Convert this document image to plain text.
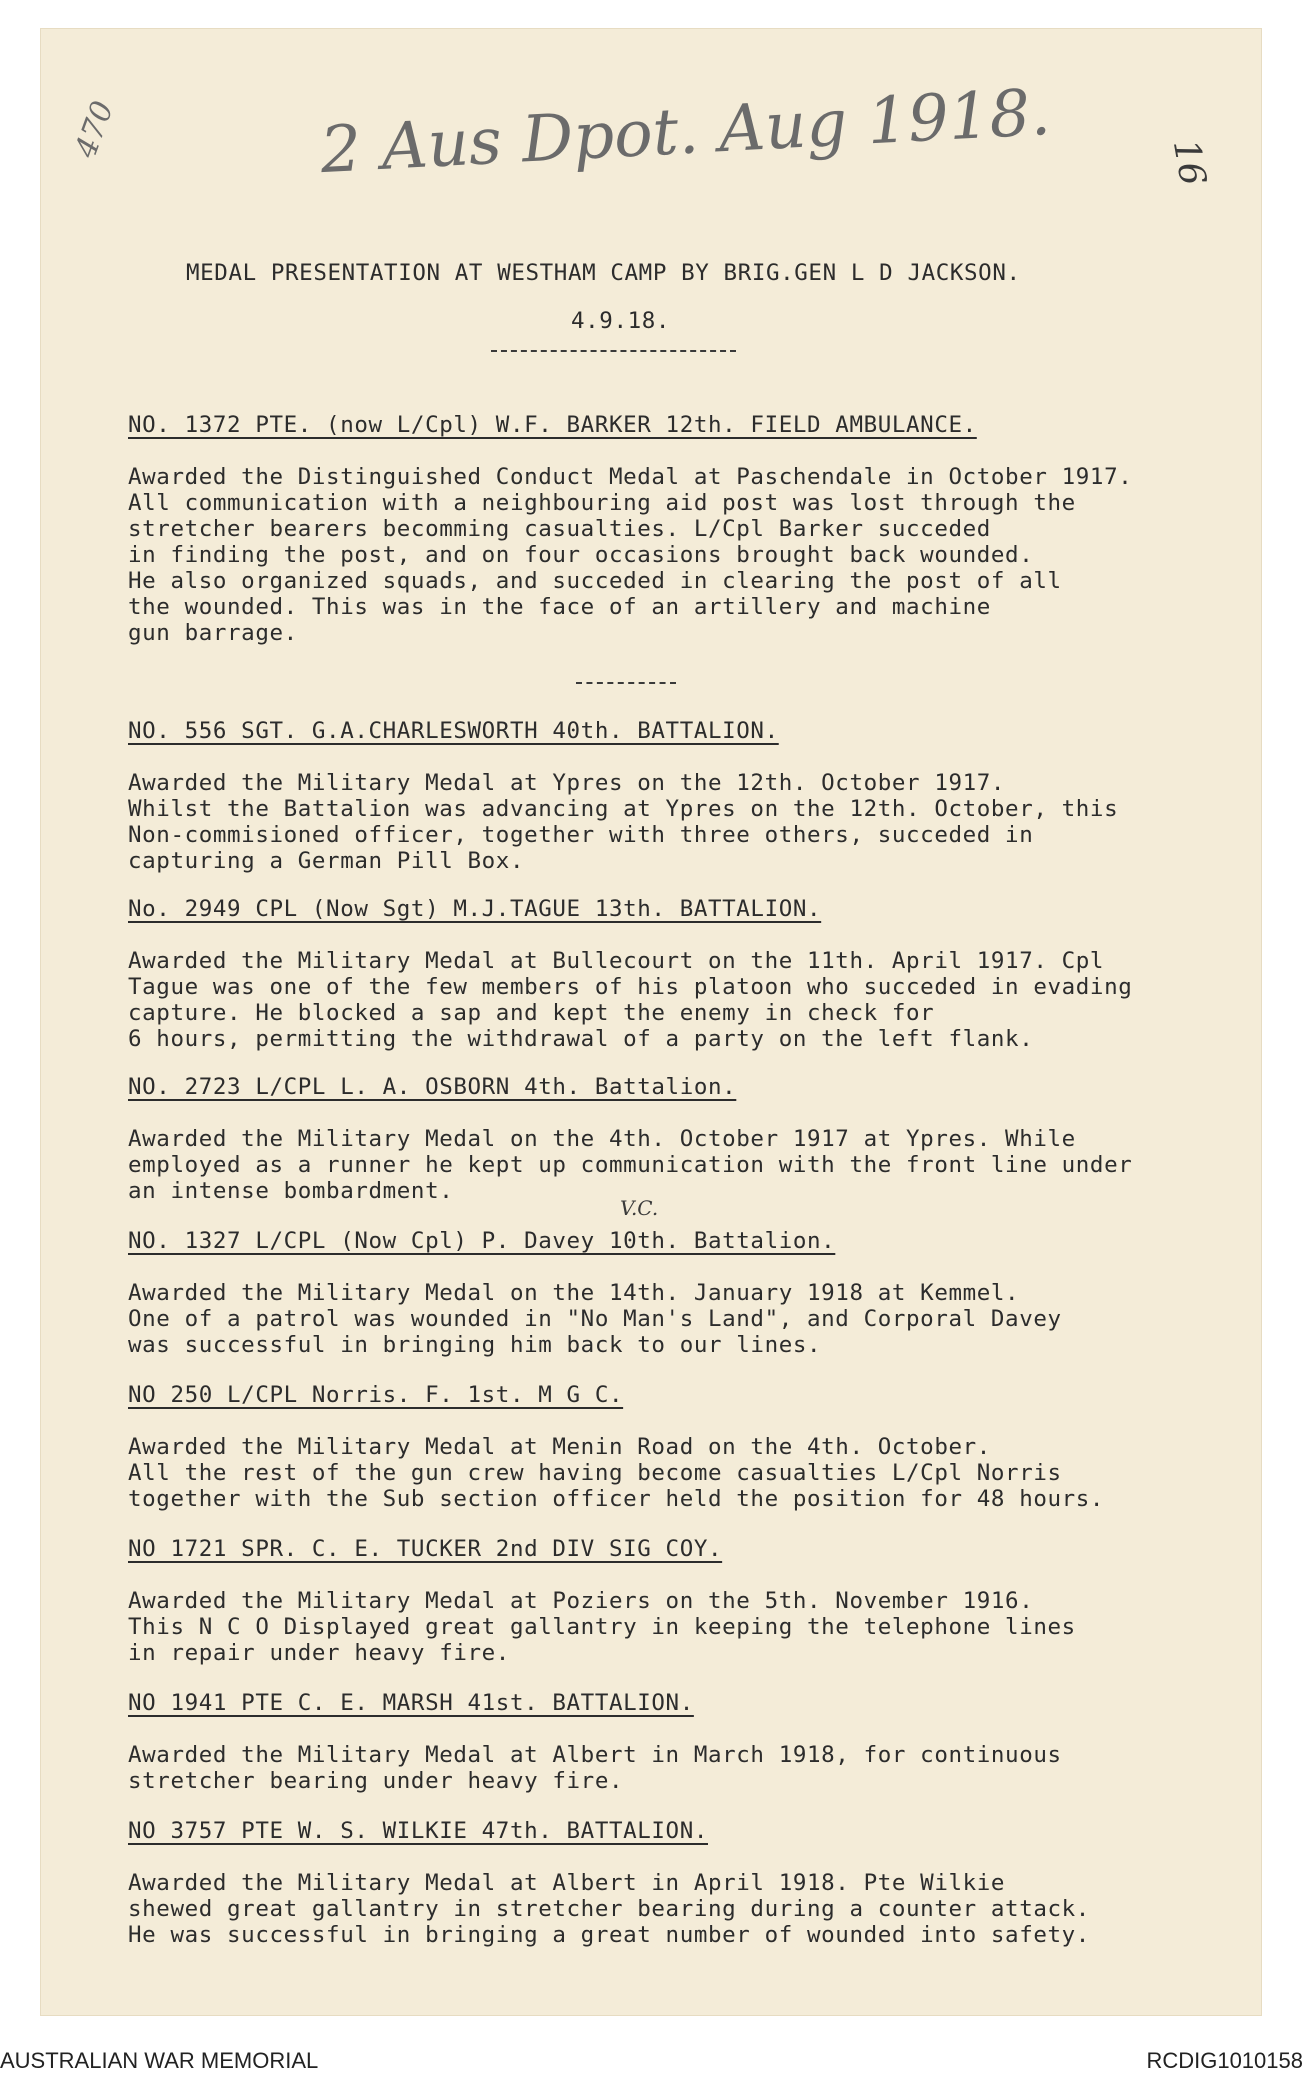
2 Aus Dpot. Aug 1918.
470
16
V.C.
MEDAL PRESENTATION AT WESTHAM CAMP BY BRIG.GEN L D JACKSON.
4.9.18.
NO. 1372 PTE. (now L/Cpl) W.F. BARKER 12th. FIELD AMBULANCE.
Awarded the Distinguished Conduct Medal at Paschendale in October 1917.
All communication with a neighbouring aid post was lost through the
stretcher bearers becomming casualties. L/Cpl Barker succeded
in finding the post, and on four occasions brought back wounded.
He also organized squads, and succeded in clearing the post of all
the wounded. This was in the face of an artillery and machine
gun barrage.
NO. 556 SGT. G.A.CHARLESWORTH 40th. BATTALION.
Awarded the Military Medal at Ypres on the 12th. October 1917.
Whilst the Battalion was advancing at Ypres on the 12th. October, this
Non-commisioned officer, together with three others, succeded in
capturing a German Pill Box.
No. 2949 CPL (Now Sgt) M.J.TAGUE 13th. BATTALION.
Awarded the Military Medal at Bullecourt on the 11th. April 1917. Cpl
Tague was one of the few members of his platoon who succeded in evading
capture. He blocked a sap and kept the enemy in check for
6 hours, permitting the withdrawal of a party on the left flank.
NO. 2723 L/CPL L. A. OSBORN 4th. Battalion.
Awarded the Military Medal on the 4th. October 1917 at Ypres. While
employed as a runner he kept up communication with the front line under
an intense bombardment.
NO. 1327 L/CPL (Now Cpl) P. Davey 10th. Battalion.
Awarded the Military Medal on the 14th. January 1918 at Kemmel.
One of a patrol was wounded in "No Man's Land", and Corporal Davey
was successful in bringing him back to our lines.
NO 250 L/CPL Norris. F. 1st. M G C.
Awarded the Military Medal at Menin Road on the 4th. October.
All the rest of the gun crew having become casualties L/Cpl Norris
together with the Sub section officer held the position for 48 hours.
NO 1721 SPR. C. E. TUCKER 2nd DIV SIG COY.
Awarded the Military Medal at Poziers on the 5th. November 1916.
This N C O Displayed great gallantry in keeping the telephone lines
in repair under heavy fire.
NO 1941 PTE C. E. MARSH 41st. BATTALION.
Awarded the Military Medal at Albert in March 1918, for continuous
stretcher bearing under heavy fire.
NO 3757 PTE W. S. WILKIE 47th. BATTALION.
Awarded the Military Medal at Albert in April 1918. Pte Wilkie
shewed great gallantry in stretcher bearing during a counter attack.
He was successful in bringing a great number of wounded into safety.
AUSTRALIAN WAR MEMORIAL	RCDIG1010158
